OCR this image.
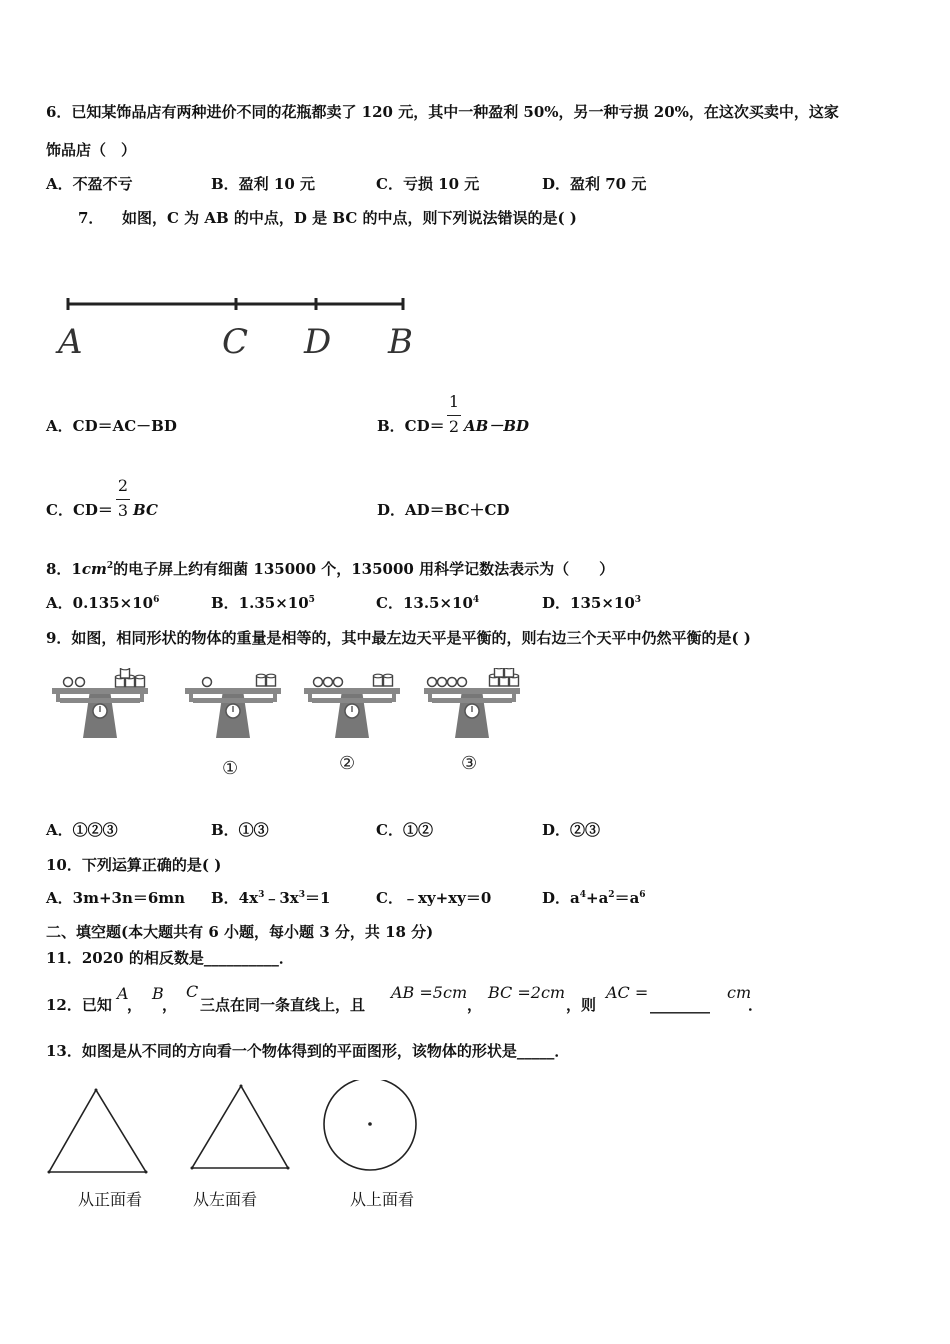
6．已知某饰品店有两种进价不同的花瓶都卖了 120 元，其中一种盈利 50%，另一种亏损 20%，在这次买卖中，这家
饰品店（　）
A．不盈不亏	B．盈利 10 元	C．亏损 10 元	D．盈利 70 元
7． 如图，C 为 AB 的中点，D 是 BC 的中点，则下列说法错误的是( )
A	C D B
A．CD＝AC－BD	B．CD＝
1
2 AB－BD
C．CD＝
2
3 BC	D．AD＝BC＋CD
8．$1cm^2$的电子屏上约有细菌 135000 个，135000 用科学记数法表示为（　　）
A．$0.135\times 10^6$	B．$1.35\times 10^5$	C．$13.5\times 10^4$	D．$135\times 10^3$
9．如图，相同形状的物体的重量是相等的，其中最左边天平是平衡的，则右边三个天平中仍然平衡的是( )
①	②	③
A．①②③	B．①③	C．①②	D．②③
10．下列运算正确的是( )
A．3m+3n＝6mn B．$4x^3﹣3x^3=1$	C．﹣xy+xy＝0	D．$a^4+a^2=a^6$
二、填空题(本大题共有 6 小题，每小题 3 分，共 18 分)
11．2020 的相反数是__________．
12．已知
A
，
B
，
C
三点在同一条直线上，且
AB =5cm
，
BC =2cm
，则
AC =
________
cm
．
13．如图是从不同的方向看一个物体得到的平面图形，该物体的形状是_____．
从正面看	从左面看	从上面看
